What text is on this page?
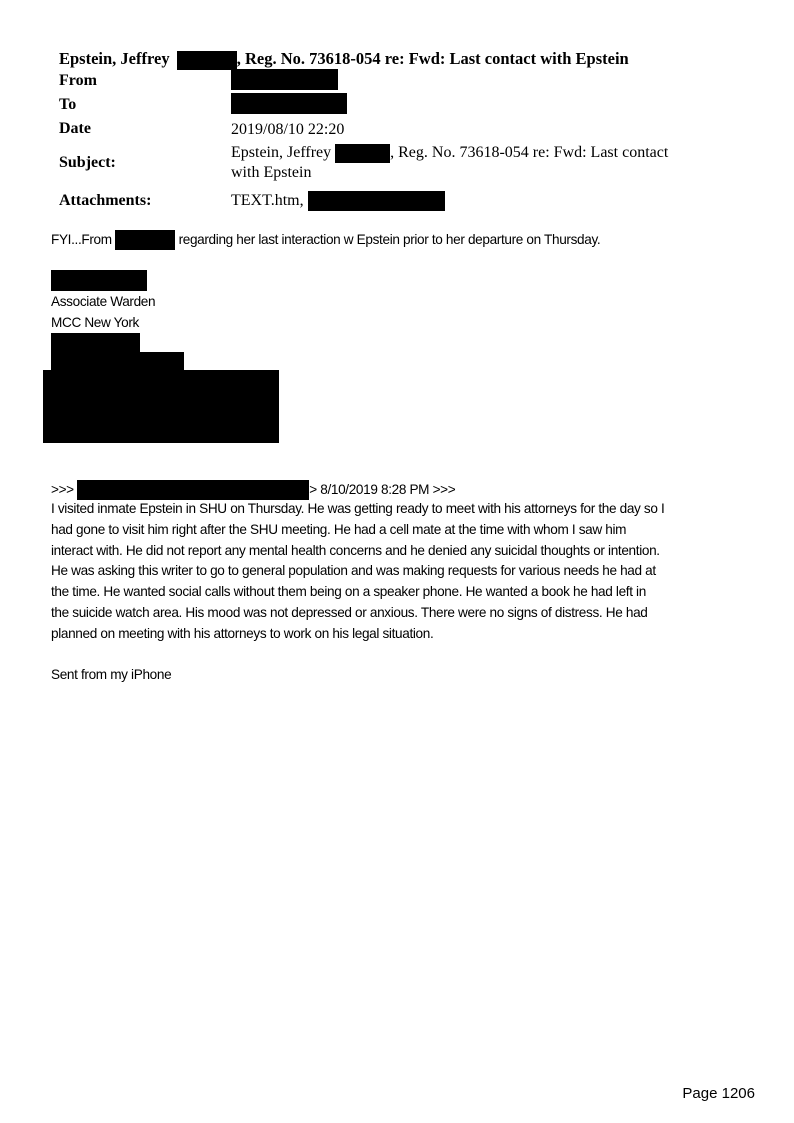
Epstein, Jeffrey	, Reg. No. 73618-054 re: Fwd: Last contact with Epstein
From
To
Date	2019/08/10 22:20
Subject:
Epstein, Jeffrey	, Reg. No. 73618-054 re: Fwd: Last contact
with Epstein
Attachments:	TEXT.htm,
FYI...From	regarding her last interaction w Epstein prior to her departure on Thursday.
Associate Warden
MCC New York
>>>	> 8/10/2019 8:28 PM >>>
I visited inmate Epstein in SHU on Thursday. He was getting ready to meet with his attorneys for the day so I
had gone to visit him right after the SHU meeting. He had a cell mate at the time with whom I saw him
interact with. He did not report any mental health concerns and he denied any suicidal thoughts or intention.
He was asking this writer to go to general population and was making requests for various needs he had at
the time. He wanted social calls without them being on a speaker phone. He wanted a book he had left in
the suicide watch area. His mood was not depressed or anxious. There were no signs of distress. He had
planned on meeting with his attorneys to work on his legal situation.
Sent from my iPhone
Page 1206
